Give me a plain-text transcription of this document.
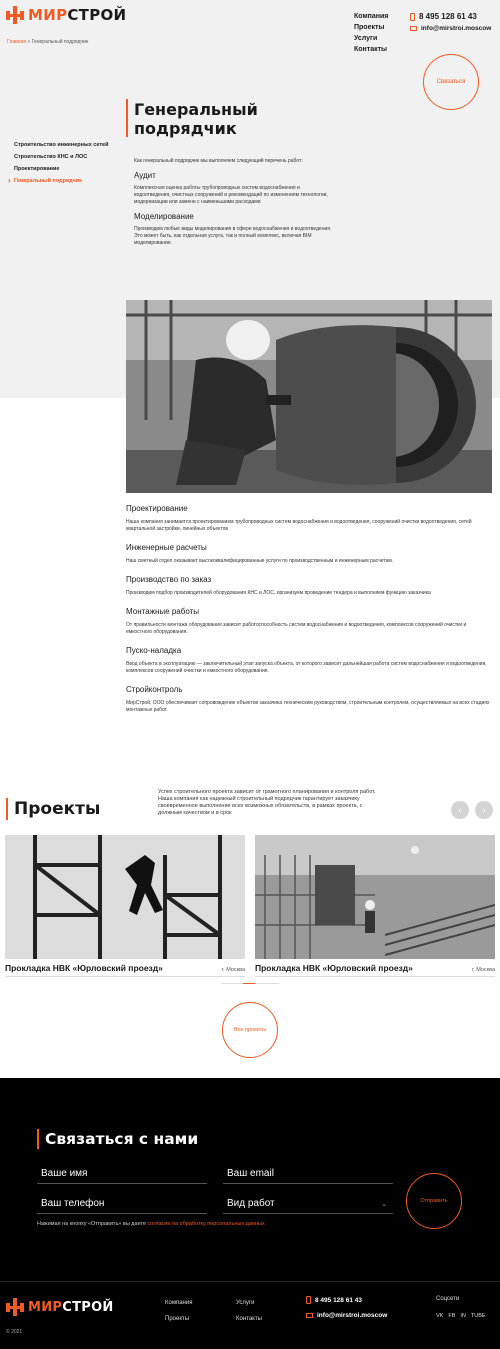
МИРСТРОЙ	Компания
Проекты
Услуги
Контакты
8 495 128 61 43
info@mirstroi.moscow
Главная » Генеральный подрядчик
Связаться
Генеральный подрядчик
Строительство инженерных сетей
Строительство КНС и ЛОС
Проектирование
› Генеральный подрядчик

Как генеральный подрядчик мы выполняем следующий перечень работ:

Аудит

Комплексная оценка работы трубопроводных систем водоснабжения и водоотведения, очистных сооружений и рекомендаций по изменениям технологии, модернизации или замене с наименьшими расходами

Моделирование

Производим любые виды моделирования в сфере водоснабжения и водоотведения. Это может быть, как отдельная услуга, так и полный комплекс, включая BIM моделирование.

Проектирование
Наша компания занимается проектированием трубопроводных систем водоснабжения и водоотведения, сооружений очистки водоотведения, сетей квартальной застройки, линейных объектов
Инженерные расчеты
Наш сметный отдел оказывает высококвалифицированные услуги по производственным и инженерным расчетам.
Производство по заказ
Производим подбор производителей оборудования КНС и ЛОС, организуем проведение тендера и выполняем функцию заказчика
Монтажные работы
От правильности монтажа оборудования зависит работоспособность систем водоснабжения и водоотведения, комплексов сооружений очистки и емкостного оборудования.
Пуско-наладка
Ввод объекта в эксплуатацию — заключительный этап запуска объекта, от которого зависит дальнейшая работа систем водоснабжения и водоотведения, комплексов сооружений очистки и емкостного оборудования.
Стройконтроль
МирСтрой, ООО обеспечивает сопровождение объектов заказчика техническим руководством, строительным контролем, осуществляемых на всех стадиях монтажных работ.
Проекты

Успех строительного проекта зависит от грамотного планирования и контроля работ. Наша компания как надежный строительный подрядчик гарантирует заказчику своевременное выполнение всех возможных обязательств, в рамках проекта, с должным качеством и в срок	‹	›
Прокладка НВК «Юрловский проезд»	г. Москва Прокладка НВК «Юрловский проезд»	г. Москва
Все проекты
Связаться с нами
Ваше имя	Ваш email
Ваш телефон	Вид работ	⌄	Отправить
Нажимая на кнопку «Отправить» вы даете согласие на обработку персональных данных
МИРСТРОЙ	Компания
Проекты
Услуги
Контакты
8 495 128 61 43
info@mirstroi.moscow
Соцсети
VK FB IN TUBE
© 2021
